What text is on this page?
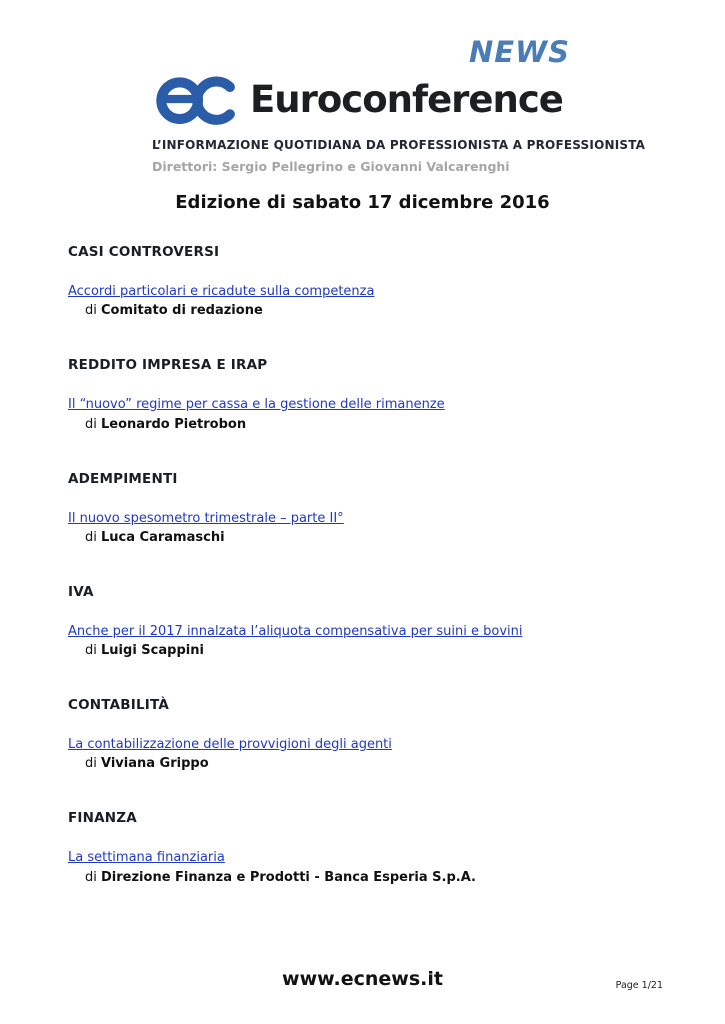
NEWS
Euroconference
L’INFORMAZIONE QUOTIDIANA DA PROFESSIONISTA A PROFESSIONISTA
Direttori: Sergio Pellegrino e Giovanni Valcarenghi
Edizione di sabato 17 dicembre 2016
CASI CONTROVERSI
Accordi particolari e ricadute sulla competenza

di Comitato di redazione

REDDITO IMPRESA E IRAP
Il “nuovo” regime per cassa e la gestione delle rimanenze

di Leonardo Pietrobon

ADEMPIMENTI
Il nuovo spesometro trimestrale – parte II°

di Luca Caramaschi

IVA
Anche per il 2017 innalzata l’aliquota compensativa per suini e bovini

di Luigi Scappini

CONTABILITÀ
La contabilizzazione delle provvigioni degli agenti

di Viviana Grippo

FINANZA
La settimana finanziaria

di Direzione Finanza e Prodotti - Banca Esperia S.p.A.

www.ecnews.it	Page 1/21
